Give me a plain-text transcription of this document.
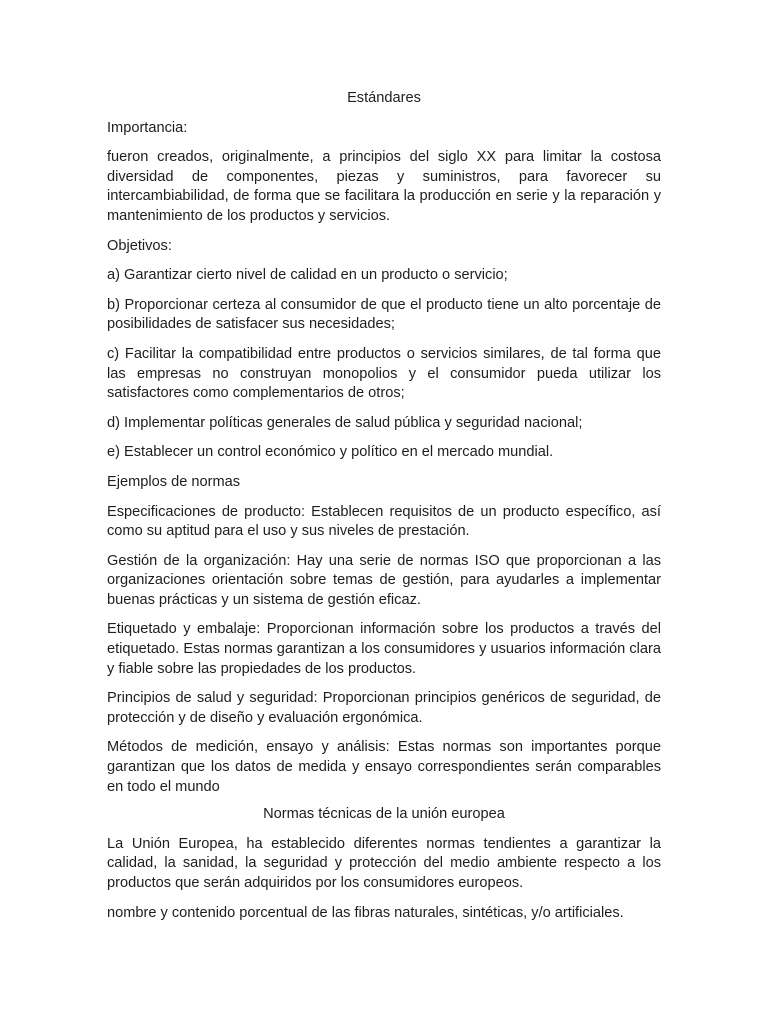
Estándares
Importancia:
fueron creados, originalmente, a principios del siglo XX para limitar la costosa diversidad de componentes, piezas y suministros, para favorecer su intercambiabilidad, de forma que se facilitara la producción en serie y la reparación y mantenimiento de los productos y servicios.
Objetivos:
a) Garantizar cierto nivel de calidad en un producto o servicio;
b) Proporcionar certeza al consumidor de que el producto tiene un alto porcentaje de posibilidades de satisfacer sus necesidades;
c) Facilitar la compatibilidad entre productos o servicios similares, de tal forma que las empresas no construyan monopolios y el consumidor pueda utilizar los satisfactores como complementarios de otros;
d) Implementar políticas generales de salud pública y seguridad nacional;
e) Establecer un control económico y político en el mercado mundial.
Ejemplos de normas
Especificaciones de producto: Establecen requisitos de un producto específico, así como su aptitud para el uso y sus niveles de prestación.
Gestión de la organización: Hay una serie de normas ISO que proporcionan a las organizaciones orientación sobre temas de gestión, para ayudarles a implementar buenas prácticas y un sistema de gestión eficaz.
Etiquetado y embalaje: Proporcionan información sobre los productos a través del etiquetado. Estas normas garantizan a los consumidores y usuarios información clara y fiable sobre las propiedades de los productos.
Principios de salud y seguridad: Proporcionan principios genéricos de seguridad, de protección y de diseño y evaluación ergonómica.
Métodos de medición, ensayo y análisis: Estas normas son importantes porque garantizan que los datos de medida y ensayo correspondientes serán comparables en todo el mundo
Normas técnicas de la unión europea
La Unión Europea, ha establecido diferentes normas tendientes a garantizar la calidad, la sanidad, la seguridad y protección del medio ambiente respecto a los productos que serán adquiridos por los consumidores europeos.
nombre y contenido porcentual de las fibras naturales, sintéticas, y/o artificiales.
